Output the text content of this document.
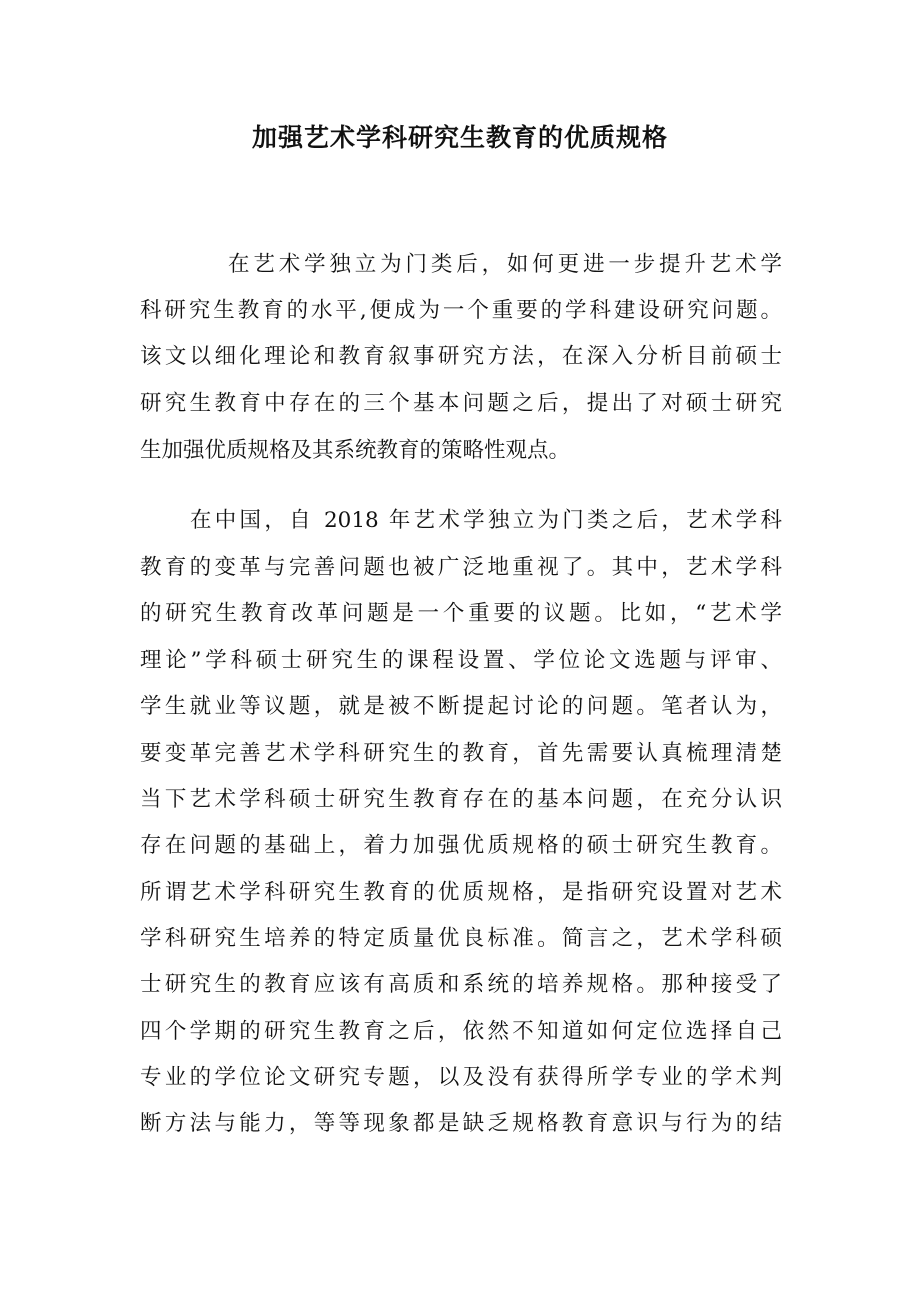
加强艺术学科研究生教育的优质规格
在艺术学独立为门类后，如何更进一步提升艺术学
科研究生教育的水平,便成为一个重要的学科建设研究问题。
该文以细化理论和教育叙事研究方法，在深入分析目前硕士
研究生教育中存在的三个基本问题之后，提出了对硕士研究
生加强优质规格及其系统教育的策略性观点。
在中国，自 2018 年艺术学独立为门类之后，艺术学科
教育的变革与完善问题也被广泛地重视了。其中，艺术学科
的研究生教育改革问题是一个重要的议题。比如，“艺术学
理论”学科硕士研究生的课程设置、学位论文选题与评审、
学生就业等议题，就是被不断提起讨论的问题。笔者认为，
要变革完善艺术学科研究生的教育，首先需要认真梳理清楚
当下艺术学科硕士研究生教育存在的基本问题，在充分认识
存在问题的基础上，着力加强优质规格的硕士研究生教育。
所谓艺术学科研究生教育的优质规格，是指研究设置对艺术
学科研究生培养的特定质量优良标准。简言之，艺术学科硕
士研究生的教育应该有高质和系统的培养规格。那种接受了
四个学期的研究生教育之后，依然不知道如何定位选择自己
专业的学位论文研究专题，以及没有获得所学专业的学术判
断方法与能力，等等现象都是缺乏规格教育意识与行为的结
